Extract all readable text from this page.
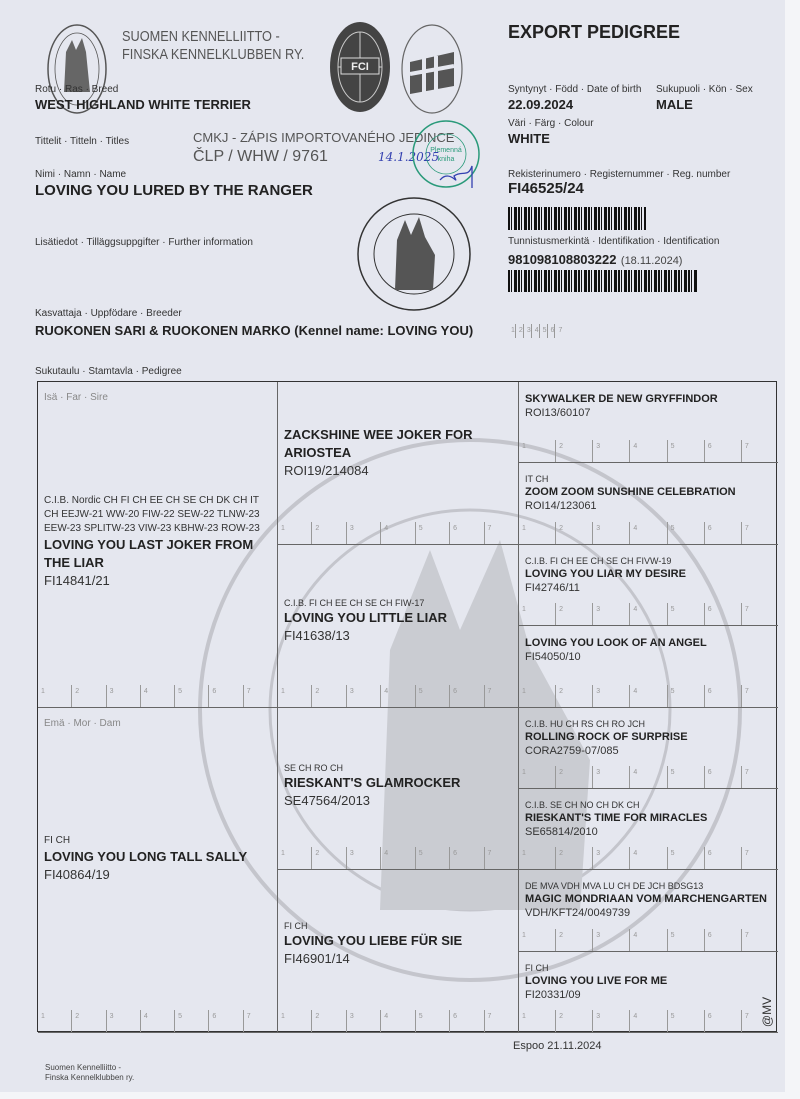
SUOMEN KENNELLIITTO -
FINSKA KENNELKLUBBEN RY.
FCI
EXPORT PEDIGREE
Rotu · Ras · Breed
WEST HIGHLAND WHITE TERRIER
Tittelit · Titteln · Titles	CMKJ - ZÁPIS IMPORTOVANÉHO JEDINCE
ČLP / WHW / 9761	14.1.2025
Plemenná
kniha
Nimi · Namn · Name
LOVING YOU LURED BY THE RANGER
Lisätiedot · Tilläggsuppgifter · Further information
Kasvattaja · Uppfödare · Breeder
RUOKONEN SARI & RUOKONEN MARKO (Kennel name: LOVING YOU)
Syntynyt · Född · Date of birth
22.09.2024
Sukupuoli · Kön · Sex
MALE
Väri · Färg · Colour
WHITE
Rekisterinumero · Registernummer · Reg. number
FI46525/24
Tunnistusmerkintä · Identifikation · Identification
981098108803222 (18.11.2024)
1 2 3 4 5 6 7
Sukutaulu · Stamtavla · Pedigree
Isä · Far · Sire
C.I.B. Nordic CH FI CH EE CH SE CH DK CH IT CH EEJW-21 WW-20 FIW-22 SEW-22 TLNW-23 EEW-23 SPLITW-23 VIW-23 KBHW-23 ROW-23
LOVING YOU LAST JOKER FROM THE LIAR
FI14841/21
1	2	3	4	5	6	7
Emä · Mor · Dam
FI CH
LOVING YOU LONG TALL SALLY
FI40864/19
1	2	3	4	5	6	7
ZACKSHINE WEE JOKER FOR ARIOSTEA
ROI19/214084
1	2	3	4	5	6	7
C.I.B. FI CH EE CH SE CH FIW-17
LOVING YOU LITTLE LIAR
FI41638/13
1	2	3	4	5	6	7
SE CH RO CH
RIESKANT'S GLAMROCKER
SE47564/2013
1	2	3	4	5	6	7
FI CH
LOVING YOU LIEBE FÜR SIE
FI46901/14
1	2	3	4	5	6	7
SKYWALKER DE NEW GRYFFINDOR
ROI13/60107
1	2	3	4	5	6	7
IT CH
ZOOM ZOOM SUNSHINE CELEBRATION
ROI14/123061
1	2	3	4	5	6	7
C.I.B. FI CH EE CH SE CH FIVW-19
LOVING YOU LIAR MY DESIRE
FI42746/11
1	2	3	4	5	6	7
LOVING YOU LOOK OF AN ANGEL
FI54050/10
1	2	3	4	5	6	7
C.I.B. HU CH RS CH RO JCH
ROLLING ROCK OF SURPRISE
CORA2759-07/085
1	2	3	4	5	6	7
C.I.B. SE CH NO CH DK CH
RIESKANT'S TIME FOR MIRACLES
SE65814/2010
1	2	3	4	5	6	7
DE MVA VDH MVA LU CH DE JCH BDSG13
MAGIC MONDRIAAN VOM MARCHENGARTEN
VDH/KFT24/0049739
1	2	3	4	5	6	7
FI CH
LOVING YOU LIVE FOR ME
FI20331/09
1	2	3	4	5	6	7
Espoo 21.11.2024
Suomen Kennelliitto -
Finska Kennelklubben ry.
@MV
